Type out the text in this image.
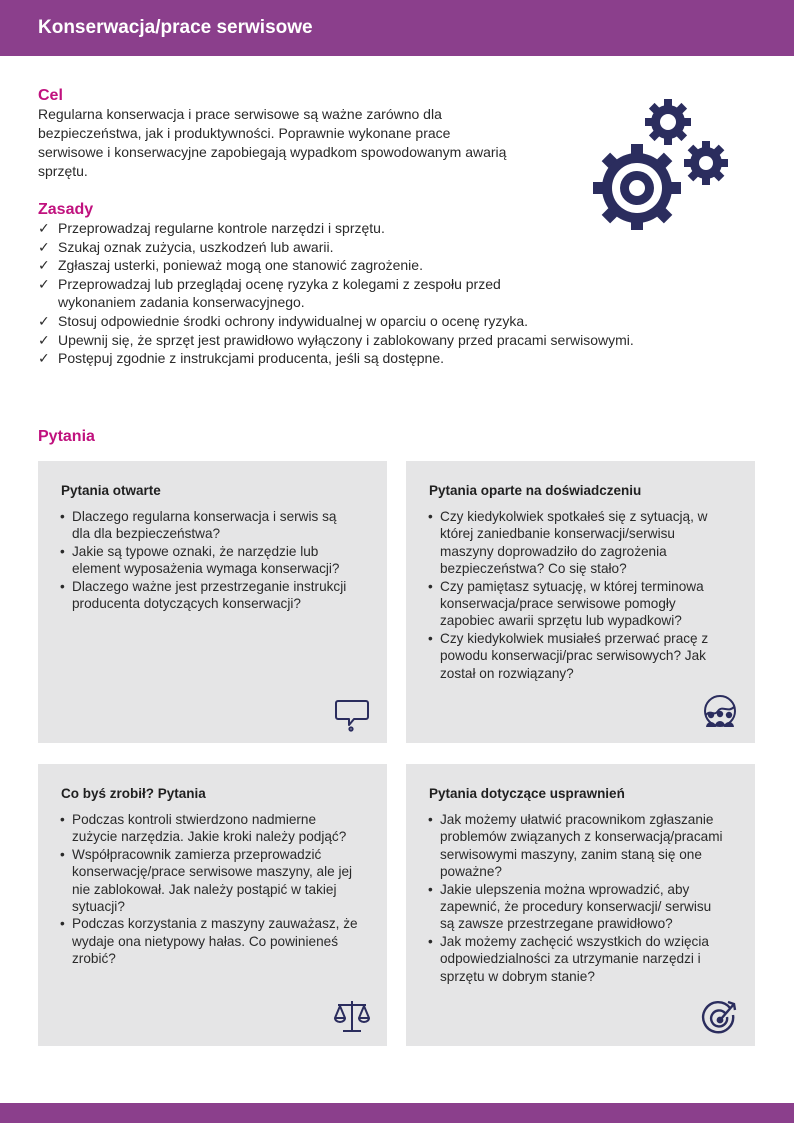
Konserwacja/prace serwisowe
Cel

Regularna konserwacja i prace serwisowe są ważne zarówno dla bezpieczeństwa, jak i produktywności. Poprawnie wykonane prace serwisowe i konserwacyjne zapobiegają wypadkom spowodowanym awarią sprzętu.

Zasady
✓ Przeprowadzaj regularne kontrole narzędzi i sprzętu.
✓ Szukaj oznak zużycia, uszkodzeń lub awarii.
✓ Zgłaszaj usterki, ponieważ mogą one stanowić zagrożenie.
✓ Przeprowadzaj lub przeglądaj ocenę ryzyka z kolegami z zespołu przed wykonaniem zadania konserwacyjnego.
✓ Stosuj odpowiednie środki ochrony indywidualnej w oparciu o ocenę ryzyka.
✓ Upewnij się, że sprzęt jest prawidłowo wyłączony i zablokowany przed pracami serwisowymi.
✓ Postępuj zgodnie z instrukcjami producenta, jeśli są dostępne.
Pytania
Pytania otwarte
• Dlaczego regularna konserwacja i serwis są dla dla bezpieczeństwa?
• Jakie są typowe oznaki, że narzędzie lub element wyposażenia wymaga konserwacji?
• Dlaczego ważne jest przestrzeganie instrukcji producenta dotyczących konserwacji?
Pytania oparte na doświadczeniu
• Czy kiedykolwiek spotkałeś się z sytuacją, w której zaniedbanie konserwacji/serwisu maszyny doprowadziło do zagrożenia bezpieczeństwa? Co się stało?
• Czy pamiętasz sytuację, w której terminowa konserwacja/prace serwisowe pomogły zapobiec awarii sprzętu lub wypadkowi?
• Czy kiedykolwiek musiałeś przerwać pracę z powodu konserwacji/prac serwisowych? Jak został on rozwiązany?
Co byś zrobił? Pytania
• Podczas kontroli stwierdzono nadmierne zużycie narzędzia. Jakie kroki należy podjąć?
• Współpracownik zamierza przeprowadzić konserwację/prace serwisowe maszyny, ale jej nie zablokował. Jak należy postąpić w takiej sytuacji?
• Podczas korzystania z maszyny zauważasz, że wydaje ona nietypowy hałas. Co powinieneś zrobić?
Pytania dotyczące usprawnień
• Jak możemy ułatwić pracownikom zgłaszanie problemów związanych z konserwacją/pracami serwisowymi maszyny, zanim staną się one poważne?
• Jakie ulepszenia można wprowadzić, aby zapewnić, że procedury konserwacji/ serwisu są zawsze przestrzegane prawidłowo?
• Jak możemy zachęcić wszystkich do wzięcia odpowiedzialności za utrzymanie narzędzi i sprzętu w dobrym stanie?
